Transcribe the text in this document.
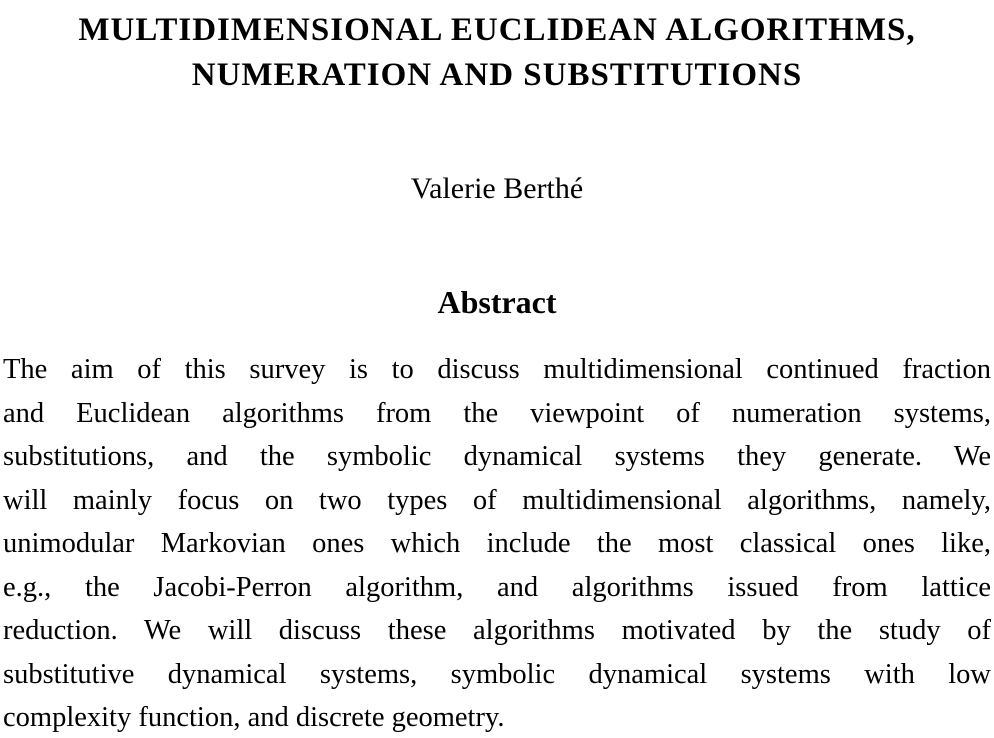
MULTIDIMENSIONAL EUCLIDEAN ALGORITHMS,
NUMERATION AND SUBSTITUTIONS
Valerie Berthé
Abstract
The aim of this survey is to discuss multidimensional continued fraction
and Euclidean algorithms from the viewpoint of numeration systems,
substitutions, and the symbolic dynamical systems they generate. We
will mainly focus on two types of multidimensional algorithms, namely,
unimodular Markovian ones which include the most classical ones like,
e.g., the Jacobi-Perron algorithm, and algorithms issued from lattice
reduction. We will discuss these algorithms motivated by the study of
substitutive dynamical systems, symbolic dynamical systems with low
complexity function, and discrete geometry.
